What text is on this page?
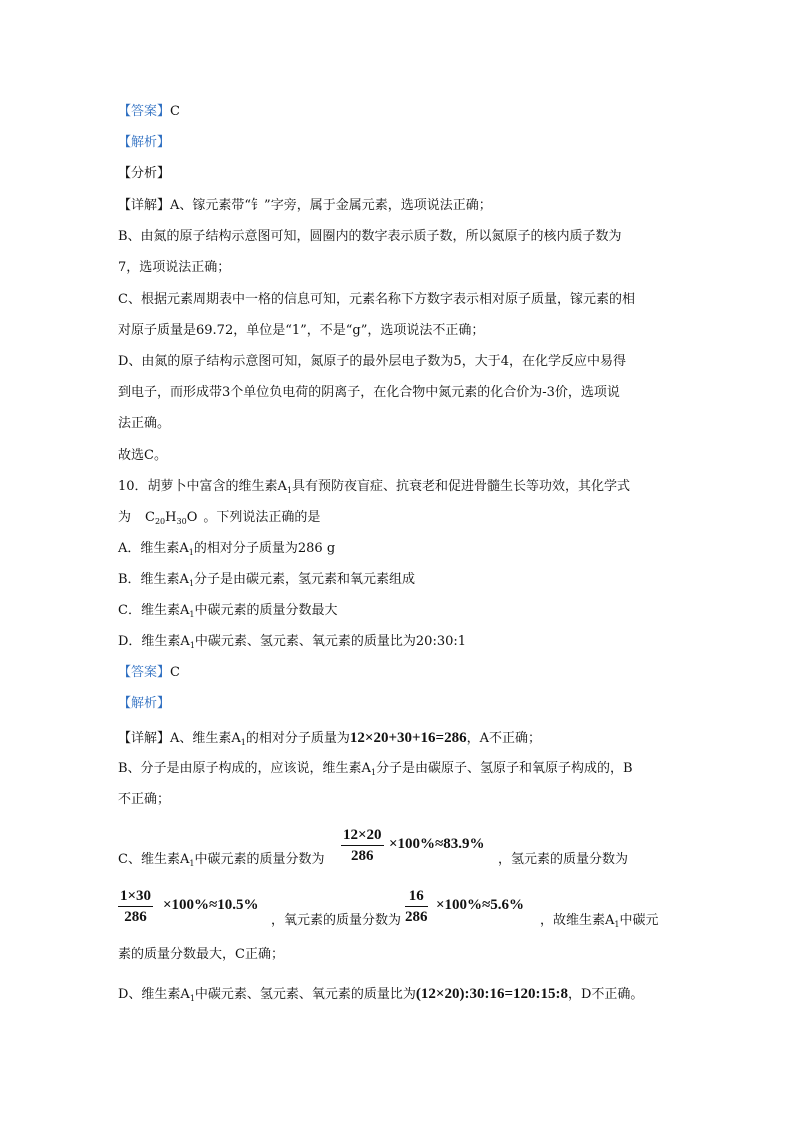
【答案】C
【解析】
【分析】
【详解】A、镓元素带“钅”字旁，属于金属元素，选项说法正确；
B、由氮的原子结构示意图可知，圆圈内的数字表示质子数，所以氮原子的核内质子数为
7，选项说法正确；
C、根据元素周期表中一格的信息可知，元素名称下方数字表示相对原子质量，镓元素的相
对原子质量是69.72，单位是“1”，不是“g”，选项说法不正确；
D、由氮的原子结构示意图可知，氮原子的最外层电子数为5，大于4，在化学反应中易得
到电子，而形成带3个单位负电荷的阴离子，在化合物中氮元素的化合价为-3价，选项说
法正确。
故选C。
10．胡萝卜中富含的维生素$A_1$具有预防夜盲症、抗衰老和促进骨髓生长等功效，其化学式
为 $C_{20}H_{30}O$ 。下列说法正确的是
A．维生素$A_1$的相对分子质量为286 g
B．维生素$A_1$分子是由碳元素，氢元素和氧元素组成
C．维生素$A_1$中碳元素的质量分数最大
D．维生素$A_1$中碳元素、氢元素、氧元素的质量比为20:30:1
【答案】C
【解析】
【详解】A、维生素$A_1$的相对分子质量为12×20+30+16=286，A不正确；
B、分子是由原子构成的，应该说，维生素$A_1$分子是由碳原子、氢原子和氧原子构成的，B
不正确；
C、维生素$A_1$中碳元素的质量分数为 $\frac{12\times 20}{286} \times 100\%\approx 83.9\%$
，氢元素的质量分数为
$\frac{1\times 30}{286} \times 100\%\approx 10.5\%$
，氧元素的质量分数为 $\frac{16}{286} \times 100\%\approx 5.6\%$
，故维生素$A_1$中碳元
素的质量分数最大，C正确；
D、维生素$A_1$中碳元素、氢元素、氧元素的质量比为(12×20):30:16=120:15:8，D不正确。
